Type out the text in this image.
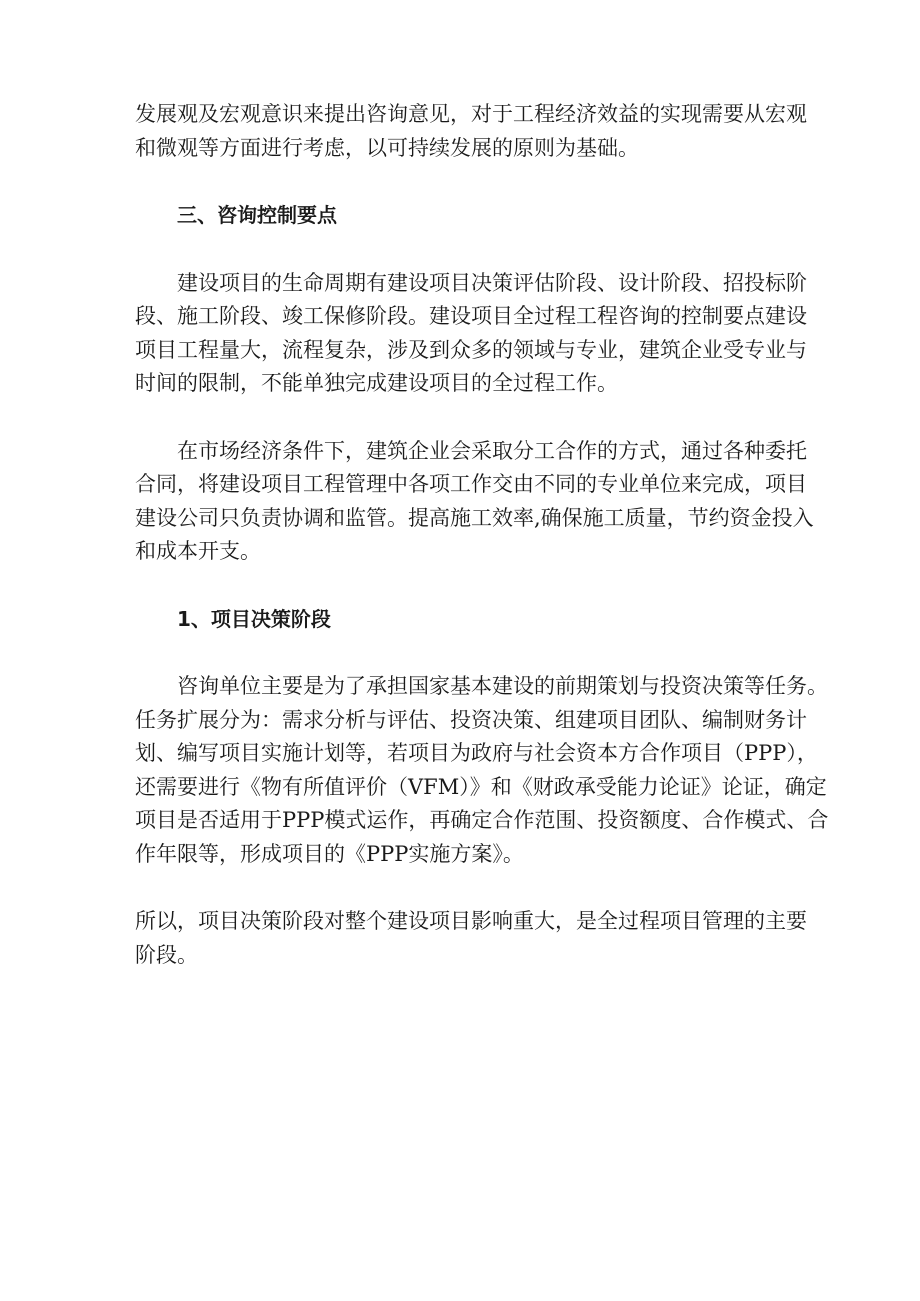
发展观及宏观意识来提出咨询意见，对于工程经济效益的实现需要从宏观
和微观等方面进行考虑，以可持续发展的原则为基础。
三、咨询控制要点
建设项目的生命周期有建设项目决策评估阶段、设计阶段、招投标阶
段、施工阶段、竣工保修阶段。建设项目全过程工程咨询的控制要点建设
项目工程量大，流程复杂，涉及到众多的领域与专业，建筑企业受专业与
时间的限制，不能单独完成建设项目的全过程工作。
在市场经济条件下，建筑企业会采取分工合作的方式，通过各种委托
合同，将建设项目工程管理中各项工作交由不同的专业单位来完成，项目
建设公司只负责协调和监管。提高施工效率,确保施工质量，节约资金投入
和成本开支。
1、项目决策阶段
咨询单位主要是为了承担国家基本建设的前期策划与投资决策等任务。
任务扩展分为：需求分析与评估、投资决策、组建项目团队、编制财务计
划、编写项目实施计划等，若项目为政府与社会资本方合作项目（PPP），
还需要进行《物有所值评价（VFM）》和《财政承受能力论证》论证，确定
项目是否适用于PPP模式运作，再确定合作范围、投资额度、合作模式、合
作年限等，形成项目的《PPP实施方案》。
所以，项目决策阶段对整个建设项目影响重大，是全过程项目管理的主要
阶段。
